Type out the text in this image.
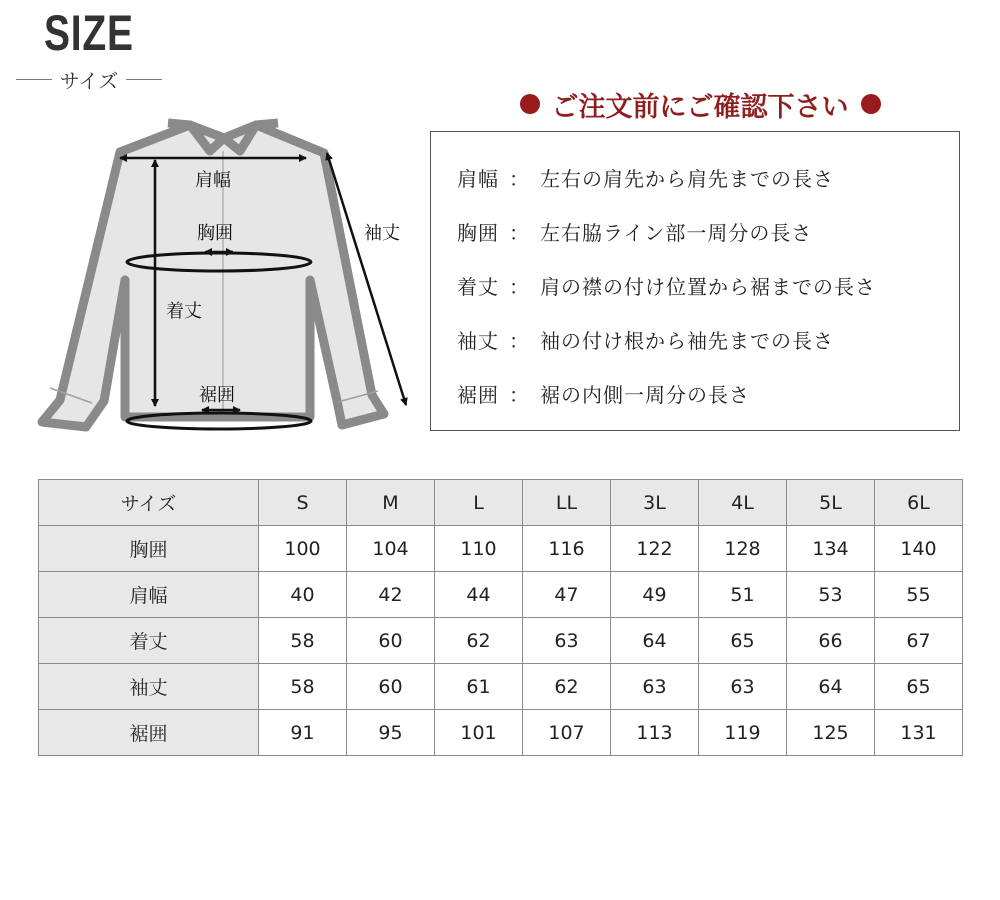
SIZE
サイズ
肩幅
胸囲
着丈
裾囲
袖丈
ご注文前にご確認下さい
肩幅 ： 左右の肩先から肩先までの長さ
胸囲 ： 左右脇ライン部一周分の長さ
着丈 ： 肩の襟の付け位置から裾までの長さ
袖丈 ： 袖の付け根から袖先までの長さ
裾囲 ： 裾の内側一周分の長さ
サイズ	S	M	L	LL	3L	4L	5L	6L
胸囲	100	104	110	116	122	128	134	140
肩幅	40	42	44	47	49	51	53	55
着丈	58	60	62	63	64	65	66	67
袖丈	58	60	61	62	63	63	64	65
裾囲	91	95	101	107	113	119	125	131
